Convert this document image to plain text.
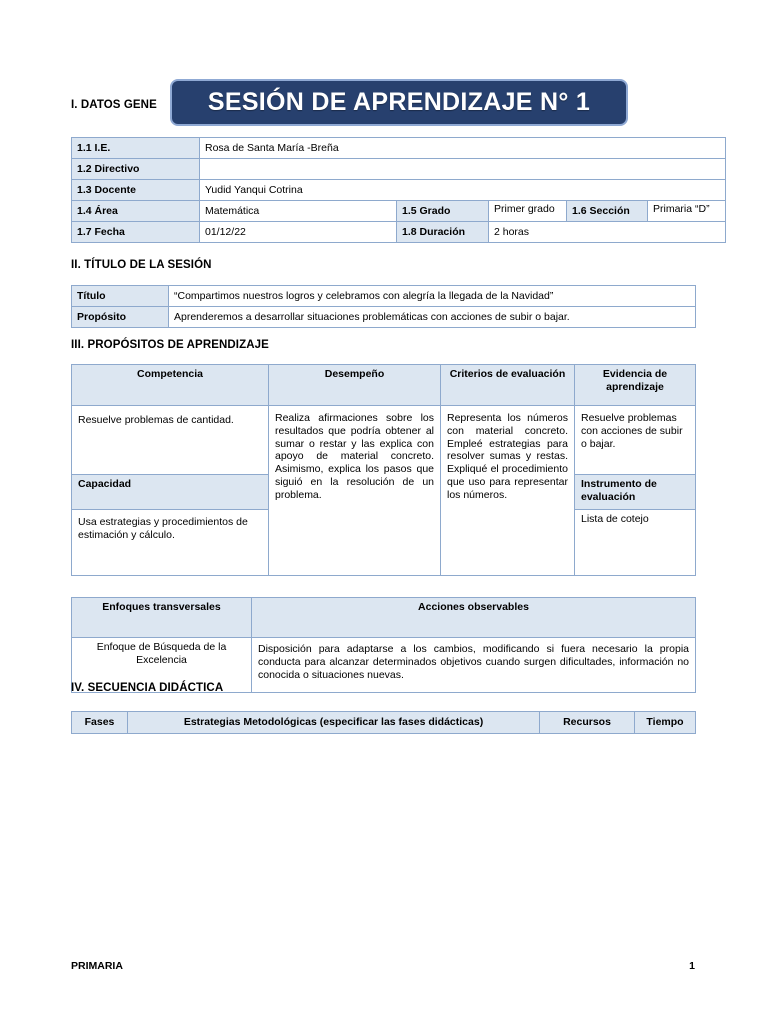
I. DATOS GENE SESIÓN DE APRENDIZAJE N° 1
1.1 I.E.	Rosa de Santa María -Breña				
1.2 Directivo					
1.3 Docente	Yudid Yanqui Cotrina				
1.4 Área	Matemática	1.5 Grado	Primer grado	1.6 Sección	Primaria “D”
1.7 Fecha	01/12/22	1.8 Duración	2 horas		
II. TÍTULO DE LA SESIÓN
Título	“Compartimos nuestros logros y celebramos con alegría la llegada de la Navidad”
Propósito	Aprenderemos a desarrollar situaciones problemáticas con acciones de subir o bajar.
III. PROPÓSITOS DE APRENDIZAJE
Competencia	Desempeño	Criterios de evaluación	Evidencia de aprendizaje
Resuelve problemas de cantidad.	Realiza afirmaciones sobre los resultados que podría obtener al sumar o restar y las explica con apoyo de material concreto. Asimismo, explica los pasos que siguió en la resolución de un problema.	Representa los números con material concreto. Empleé estrategias para resolver sumas y restas. Expliqué el procedimiento que uso para representar los números.	Resuelve problemas con acciones de subir o bajar.
Capacidad			Instrumento de evaluación
Usa estrategias y procedimientos de estimación y cálculo.			Lista de cotejo
Enfoques transversales	Acciones observables
Enfoque de Búsqueda de la Excelencia	Disposición para adaptarse a los cambios, modificando si fuera necesario la propia conducta para alcanzar determinados objetivos cuando surgen dificultades, información no conocida o situaciones nuevas.
IV. SECUENCIA DIDÁCTICA
Fases	Estrategias Metodológicas (especificar las fases didácticas)	Recursos	Tiempo
PRIMARIA	1
